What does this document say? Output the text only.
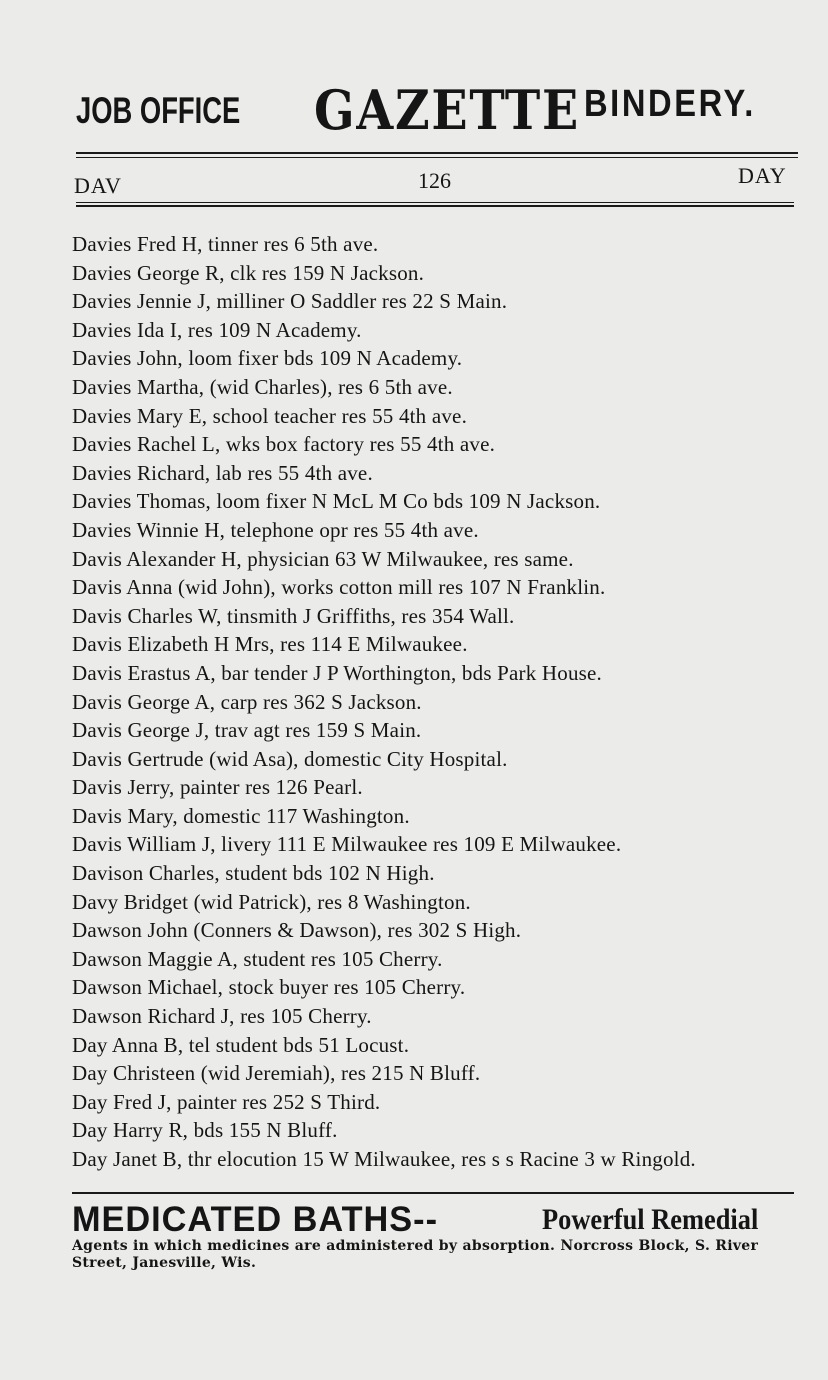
JOB OFFICE GAZETTE BINDERY.
DAV	126	DAY
Davies Fred H, tinner res 6 5th ave.
Davies George R, clk res 159 N Jackson.
Davies Jennie J, milliner O Saddler res 22 S Main.
Davies Ida I, res 109 N Academy.
Davies John, loom fixer bds 109 N Academy.
Davies Martha, (wid Charles), res 6 5th ave.
Davies Mary E, school teacher res 55 4th ave.
Davies Rachel L, wks box factory res 55 4th ave.
Davies Richard, lab res 55 4th ave.
Davies Thomas, loom fixer N McL M Co bds 109 N Jackson.
Davies Winnie H, telephone opr res 55 4th ave.
Davis Alexander H, physician 63 W Milwaukee, res same.
Davis Anna (wid John), works cotton mill res 107 N Franklin.
Davis Charles W, tinsmith J Griffiths, res 354 Wall.
Davis Elizabeth H Mrs, res 114 E Milwaukee.
Davis Erastus A, bar tender J P Worthington, bds Park House.
Davis George A, carp res 362 S Jackson.
Davis George J, trav agt res 159 S Main.
Davis Gertrude (wid Asa), domestic City Hospital.
Davis Jerry, painter res 126 Pearl.
Davis Mary, domestic 117 Washington.
Davis William J, livery 111 E Milwaukee res 109 E Milwaukee.
Davison Charles, student bds 102 N High.
Davy Bridget (wid Patrick), res 8 Washington.
Dawson John (Conners & Dawson), res 302 S High.
Dawson Maggie A, student res 105 Cherry.
Dawson Michael, stock buyer res 105 Cherry.
Dawson Richard J, res 105 Cherry.
Day Anna B, tel student bds 51 Locust.
Day Christeen (wid Jeremiah), res 215 N Bluff.
Day Fred J, painter res 252 S Third.
Day Harry R, bds 155 N Bluff.
Day Janet B, thr elocution 15 W Milwaukee, res s s Racine 3 w Ringold.
MEDICATED BATHS--	Powerful Remedial
Agents in which medicines are administered by absorption. Norcross Block, S. River Street, Janesville, Wis.
